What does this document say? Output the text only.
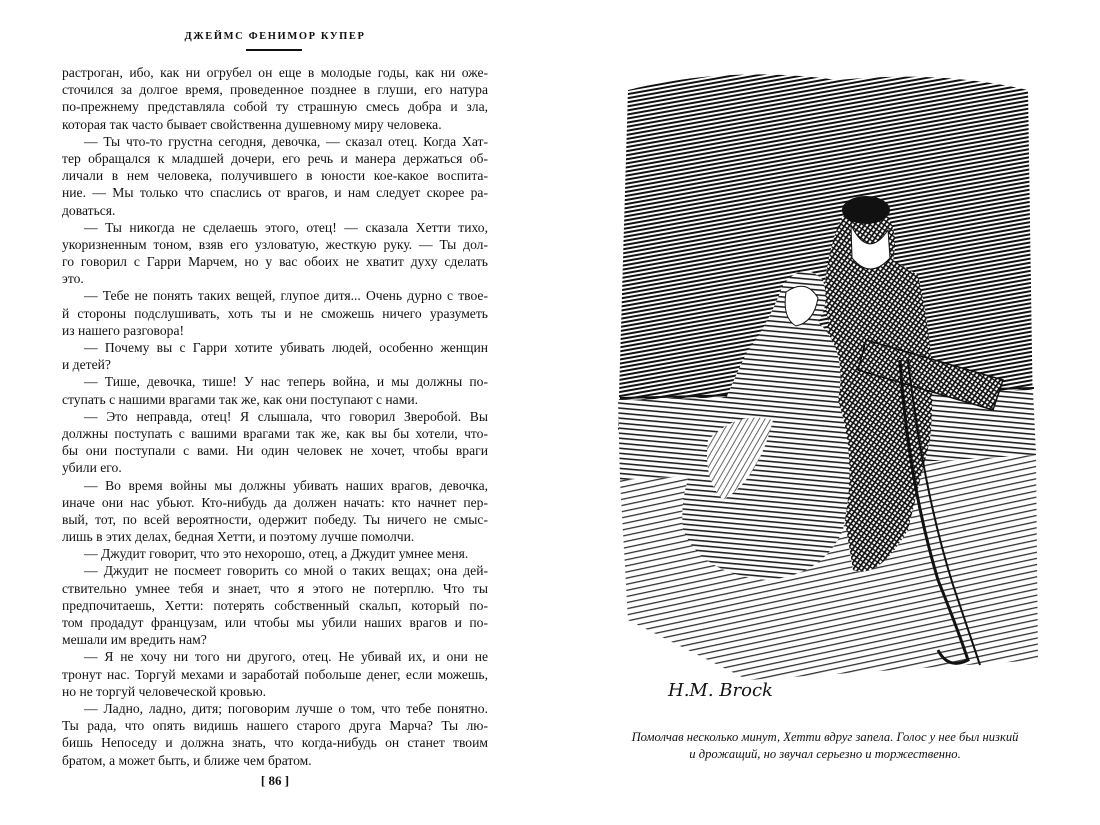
ДЖЕЙМС ФЕНИМОР КУПЕР
растроган, ибо, как ни огрубел он еще в молодые годы, как ни оже-
сточился за долгое время, проведенное позднее в глуши, его натура
по-прежнему представляла собой ту страшную смесь добра и зла,
которая так часто бывает свойственна душевному миру человека.
— Ты что-то грустна сегодня, девочка, — сказал отец. Когда Хат-
тер обращался к младшей дочери, его речь и манера держаться об-
личали в нем человека, получившего в юности кое-какое воспита-
ние. — Мы только что спаслись от врагов, и нам следует скорее ра-
доваться.
— Ты никогда не сделаешь этого, отец! — сказала Хетти тихо,
укоризненным тоном, взяв его узловатую, жесткую руку. — Ты дол-
го говорил с Гарри Марчем, но у вас обоих не хватит духу сделать
это.
— Тебе не понять таких вещей, глупое дитя... Очень дурно с твое-
й стороны подслушивать, хоть ты и не сможешь ничего уразуметь
из нашего разговора!
— Почему вы с Гарри хотите убивать людей, особенно женщин
и детей?
— Тише, девочка, тише! У нас теперь война, и мы должны по-
ступать с нашими врагами так же, как они поступают с нами.
— Это неправда, отец! Я слышала, что говорил Зверобой. Вы
должны поступать с вашими врагами так же, как вы бы хотели, что-
бы они поступали с вами. Ни один человек не хочет, чтобы враги
убили его.
— Во время войны мы должны убивать наших врагов, девочка,
иначе они нас убьют. Кто-нибудь да должен начать: кто начнет пер-
вый, тот, по всей вероятности, одержит победу. Ты ничего не смыс-
лишь в этих делах, бедная Хетти, и поэтому лучше помолчи.
— Джудит говорит, что это нехорошо, отец, а Джудит умнее меня.
— Джудит не посмеет говорить со мной о таких вещах; она дей-
ствительно умнее тебя и знает, что я этого не потерплю. Что ты
предпочитаешь, Хетти: потерять собственный скальп, который по-
том продадут французам, или чтобы мы убили наших врагов и по-
мешали им вредить нам?
— Я не хочу ни того ни другого, отец. Не убивай их, и они не
тронут нас. Торгуй мехами и заработай побольше денег, если можешь,
но не торгуй человеческой кровью.
— Ладно, ладно, дитя; поговорим лучше о том, что тебе понятно.
Ты рада, что опять видишь нашего старого друга Марча? Ты лю-
бишь Непоседу и должна знать, что когда-нибудь он станет твоим
братом, а может быть, и ближе чем братом.
[ 86 ]
H.M. Brock
Помолчав несколько минут, Хетти вдруг запела. Голос у нее был низкий
и дрожащий, но звучал серьезно и торжественно.
